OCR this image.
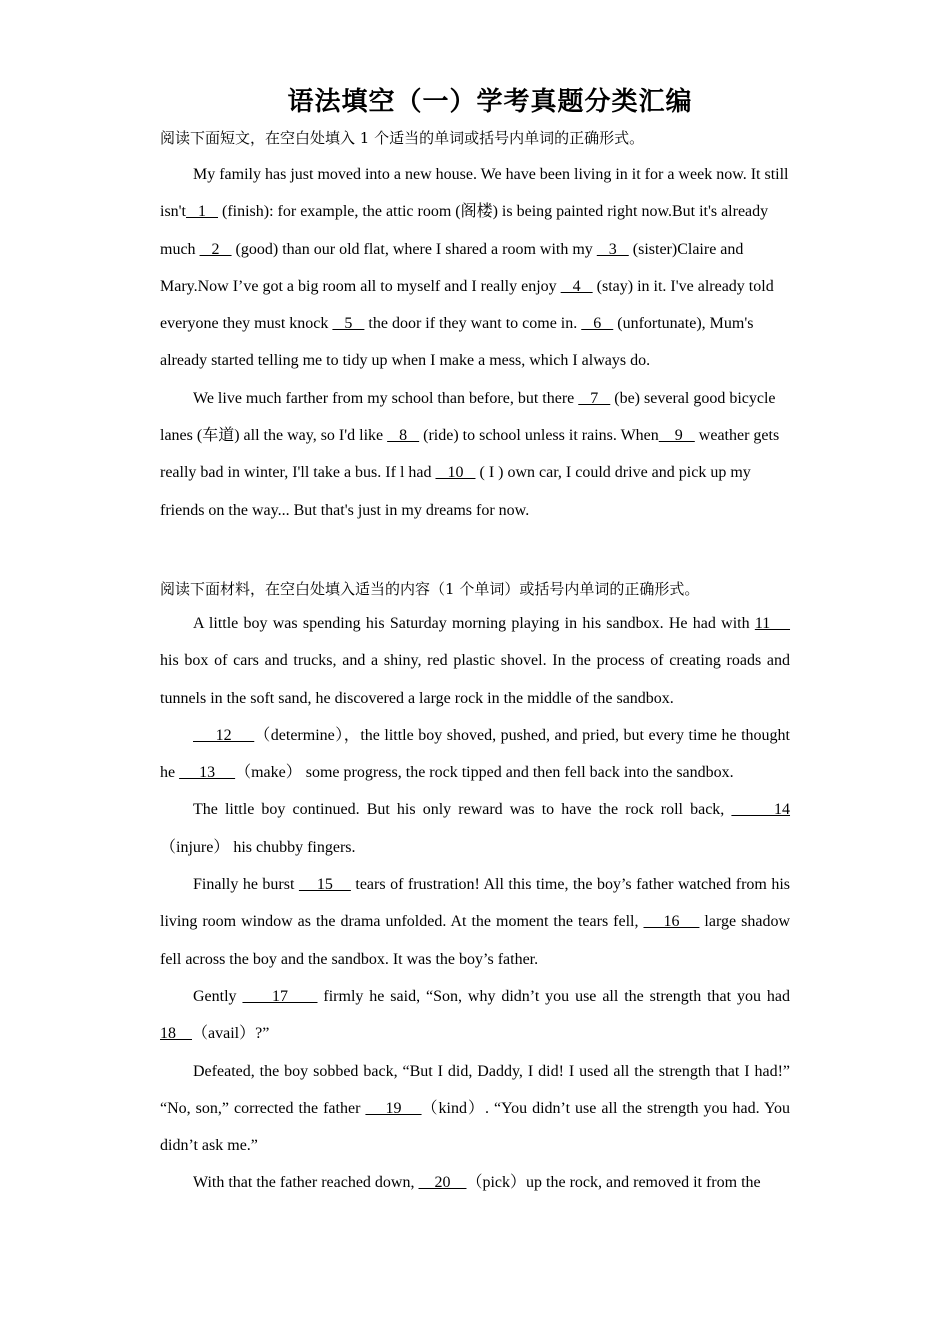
语法填空（一）学考真题分类汇编

阅读下面短文，在空白处填入 1 个适当的单词或括号内单词的正确形式。

My family has just moved into a new house. We have been living in it for a week now. It still isn't   1    (finish): for example, the attic room (阁楼) is being painted right now.But it's already much    2    (good) than our old flat, where I shared a room with my    3    (sister)Claire and Mary.Now I’ve got a big room all to myself and I really enjoy    4    (stay) in it. I've already told everyone they must knock    5    the door if they want to come in.    6    (unfortunate), Mum's already started telling me to tidy up when I make a mess, which I always do.

We live much farther from my school than before, but there    7    (be) several good bicycle lanes (车道) all the way, so I'd like    8    (ride) to school unless it rains. When    9    weather gets really bad in winter, I'll take a bus. If l had    10    ( I ) own car, I could drive and pick up my friends on the way... But that's just in my dreams for now.

阅读下面材料，在空白处填入适当的内容（1 个单词）或括号内单词的正确形式。

A little boy was spending his Saturday morning playing in his sandbox. He had with 11     his box of cars and trucks, and a shiny, red plastic shovel. In the process of creating roads and tunnels in the soft sand, he discovered a large rock in the middle of the sandbox.

12     （determine），the little boy shoved, pushed, and pried, but every time he thought he      13     （make） some progress, the rock tipped and then fell back into the sandbox.

The little boy continued. But his only reward was to have the rock roll back,       14（injure） his chubby fingers.

Finally he burst     15     tears of frustration! All this time, the boy’s father watched from his living room window as the drama unfolded. At the moment the tears fell,     16     large shadow fell across the boy and the sandbox. It was the boy’s father.

Gently      17      firmly he said, “Son, why didn’t you use all the strength that you had 18    （avail）?”

Defeated, the boy sobbed back, “But I did, Daddy, I did! I used all the strength that I had!” “No, son,” corrected the father     19    （kind）. “You didn’t use all the strength you had. You didn’t ask me.”

With that the father reached down,     20    （pick）up the rock, and removed it from the
